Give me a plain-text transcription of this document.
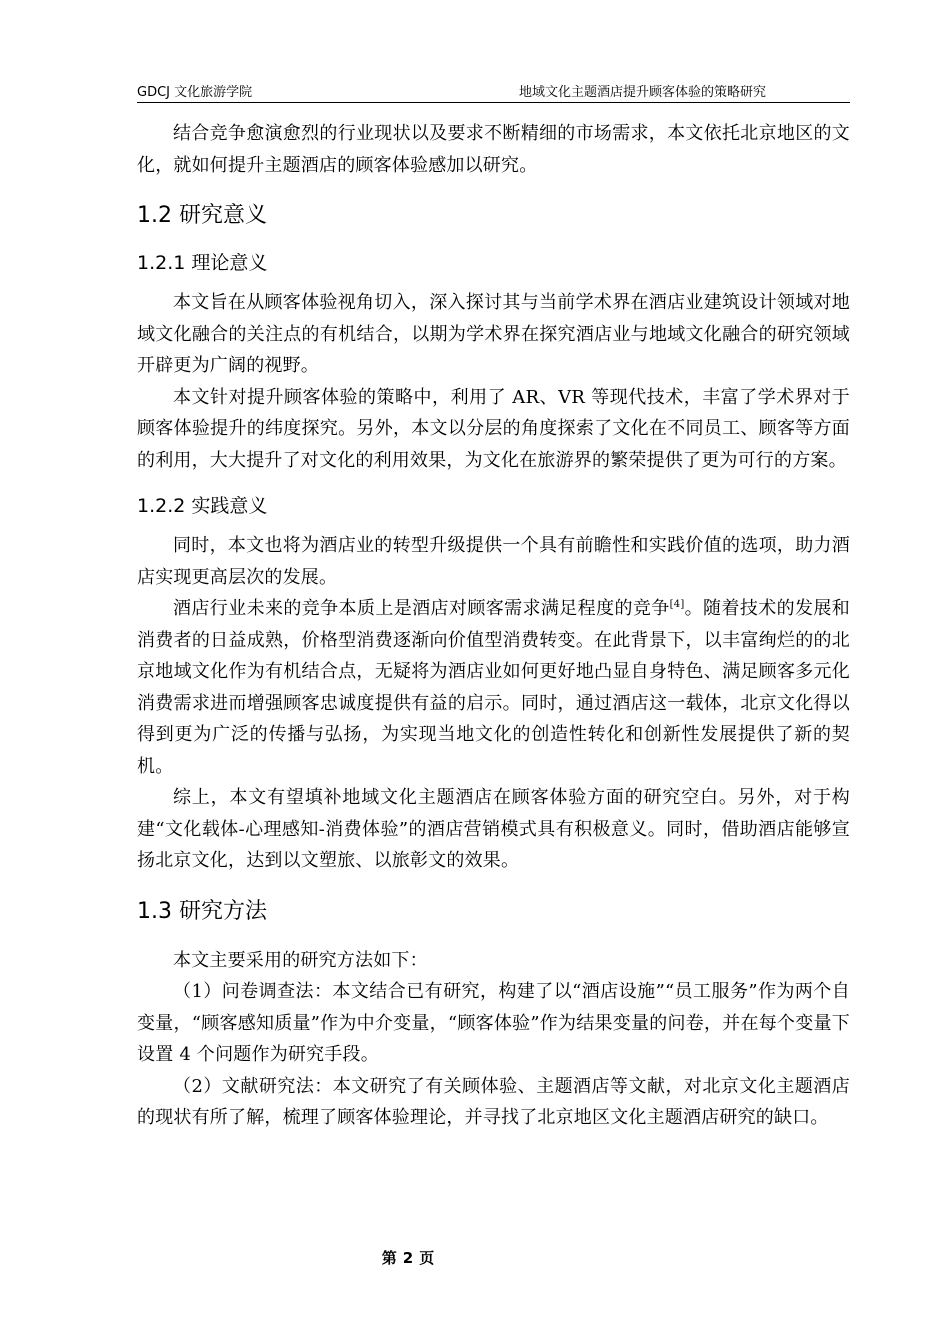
GDCJ 文化旅游学院	地域文化主题酒店提升顾客体验的策略研究

结合竞争愈演愈烈的行业现状以及要求不断精细的市场需求，本文依托北京地区的文化，就如何提升主题酒店的顾客体验感加以研究。

1.2 研究意义
1.2.1 理论意义

本文旨在从顾客体验视角切入，深入探讨其与当前学术界在酒店业建筑设计领域对地域文化融合的关注点的有机结合，以期为学术界在探究酒店业与地域文化融合的研究领域开辟更为广阔的视野。

本文针对提升顾客体验的策略中，利用了 AR、VR 等现代技术，丰富了学术界对于顾客体验提升的纬度探究。另外，本文以分层的角度探索了文化在不同员工、顾客等方面的利用，大大提升了对文化的利用效果，为文化在旅游界的繁荣提供了更为可行的方案。

1.2.2 实践意义

同时，本文也将为酒店业的转型升级提供一个具有前瞻性和实践价值的选项，助力酒店实现更高层次的发展。

酒店行业未来的竞争本质上是酒店对顾客需求满足程度的竞争[4]。随着技术的发展和消费者的日益成熟，价格型消费逐渐向价值型消费转变。在此背景下，以丰富绚烂的的北京地域文化作为有机结合点，无疑将为酒店业如何更好地凸显自身特色、满足顾客多元化消费需求进而增强顾客忠诚度提供有益的启示。同时，通过酒店这一载体，北京文化得以得到更为广泛的传播与弘扬，为实现当地文化的创造性转化和创新性发展提供了新的契机。

综上，本文有望填补地域文化主题酒店在顾客体验方面的研究空白。另外，对于构建“文化载体-心理感知-消费体验”的酒店营销模式具有积极意义。同时，借助酒店能够宣扬北京文化，达到以文塑旅、以旅彰文的效果。

1.3 研究方法

本文主要采用的研究方法如下：

（1）问卷调查法：本文结合已有研究，构建了以“酒店设施”“员工服务”作为两个自变量，“顾客感知质量”作为中介变量，“顾客体验”作为结果变量的问卷，并在每个变量下设置 4 个问题作为研究手段。

（2）文献研究法：本文研究了有关顾体验、主题酒店等文献，对北京文化主题酒店的现状有所了解，梳理了顾客体验理论，并寻找了北京地区文化主题酒店研究的缺口。

第 2 页
